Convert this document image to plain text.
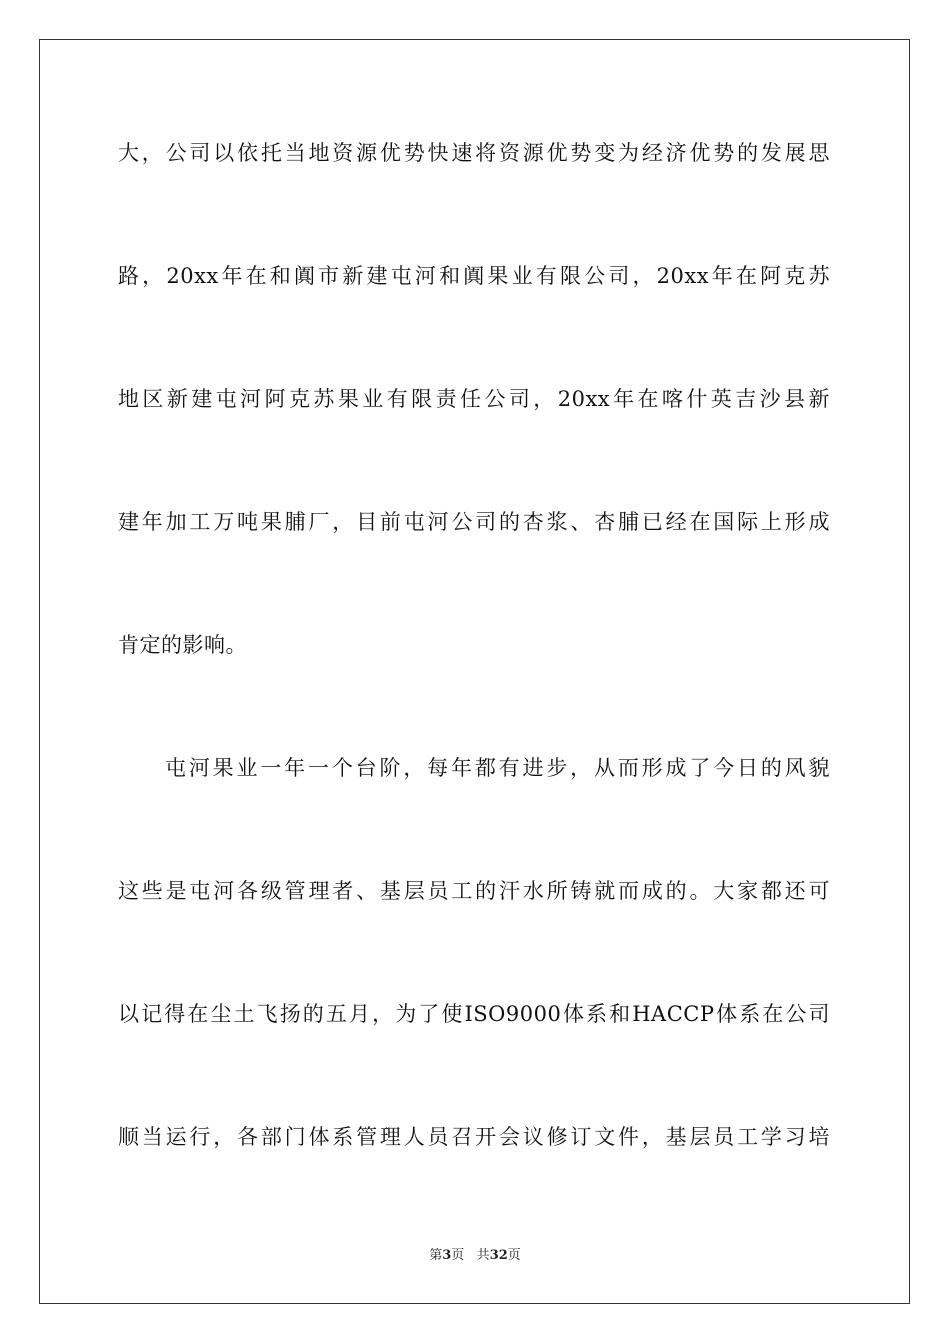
大，公司以依托当地资源优势快速将资源优势变为经济优势的发展思
路，20xx年在和阗市新建屯河和阗果业有限公司，20xx年在阿克苏
地区新建屯河阿克苏果业有限责任公司，20xx年在喀什英吉沙县新
建年加工万吨果脯厂，目前屯河公司的杏浆、杏脯已经在国际上形成
肯定的影响。
屯河果业一年一个台阶，每年都有进步，从而形成了今日的风貌
这些是屯河各级管理者、基层员工的汗水所铸就而成的。大家都还可
以记得在尘土飞扬的五月，为了使ISO9000体系和HACCP体系在公司
顺当运行，各部门体系管理人员召开会议修订文件，基层员工学习培
第3页 共32页
